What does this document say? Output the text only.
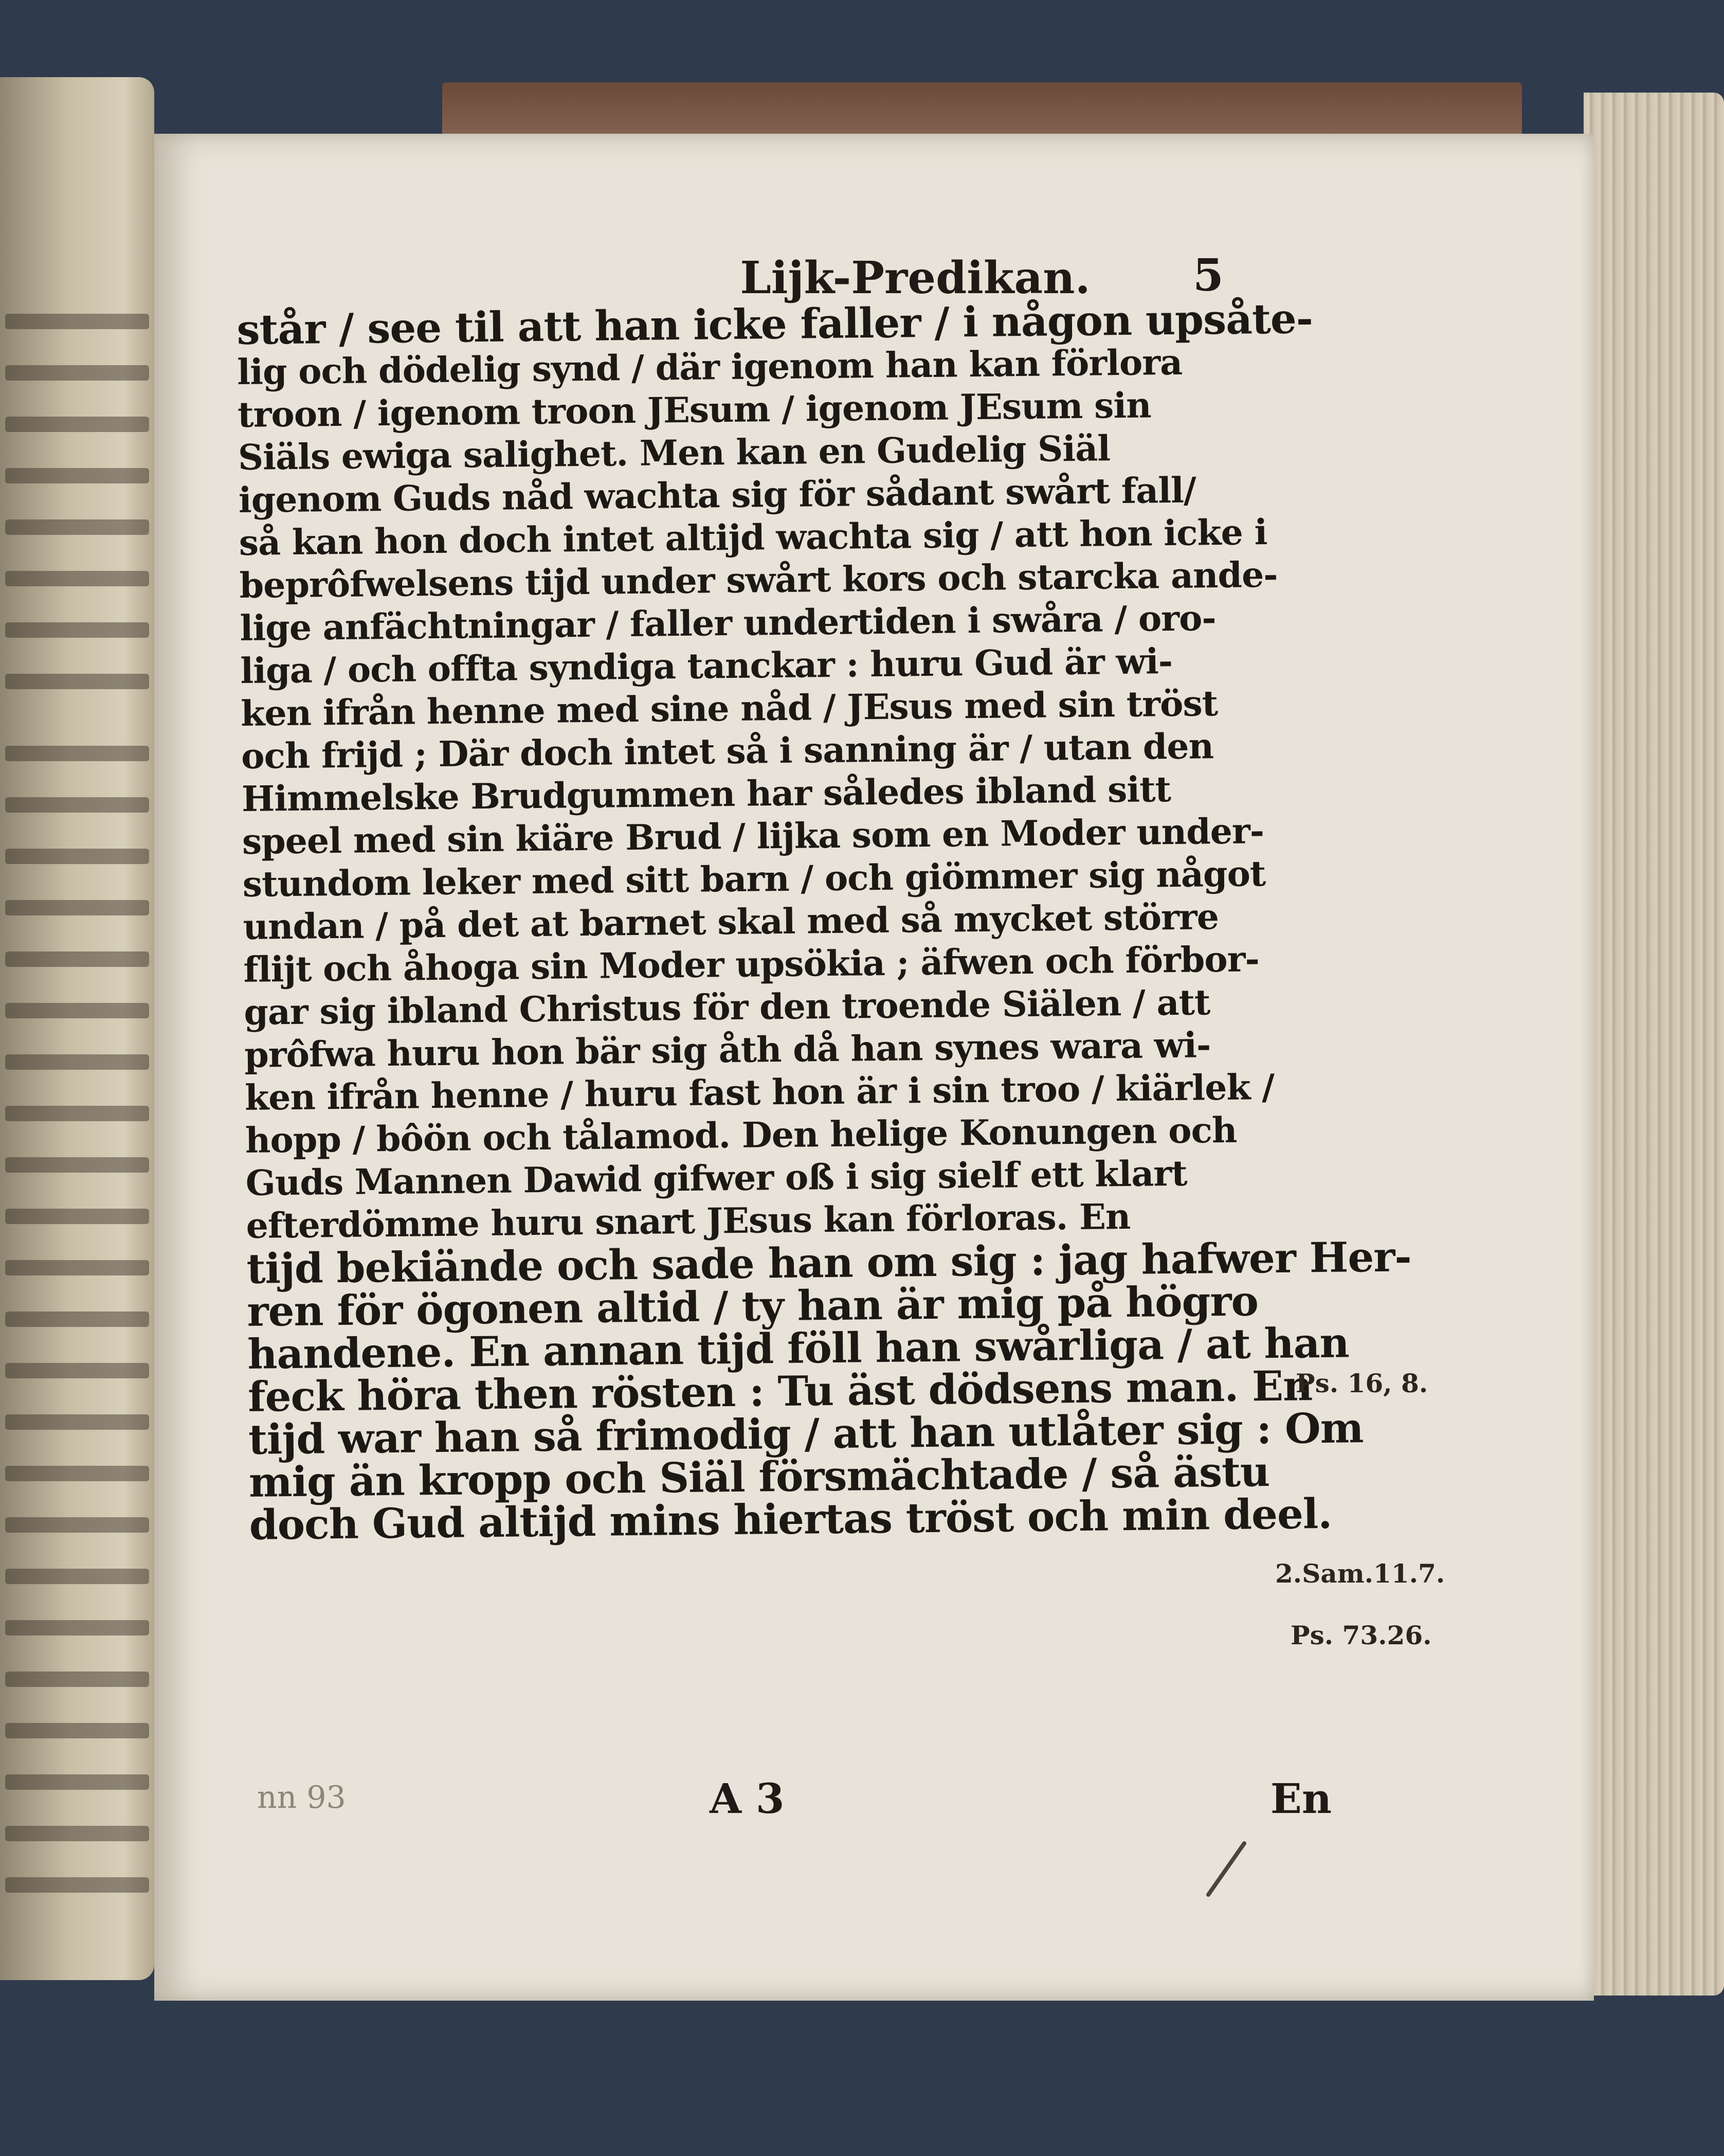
Lijk-Predikan. 5
står / see til att han icke faller / i någon upsåte-
lig och dödelig synd / där igenom han kan förlora
troon / igenom troon JEsum / igenom JEsum sin
Siäls ewiga salighet. Men kan en Gudelig Siäl
igenom Guds nåd wachta sig för sådant swårt fall/
så kan hon doch intet altijd wachta sig / att hon icke i
beprôfwelsens tijd under swårt kors och starcka ande-
lige anfächtningar / faller undertiden i swåra / oro-
liga / och offta syndiga tanckar : huru Gud är wi-
ken ifrån henne med sine nåd / JEsus med sin tröst
och frijd ; Där doch intet så i sanning är / utan den
Himmelske Brudgummen har således ibland sitt
speel med sin kiäre Brud / lijka som en Moder under-
stundom leker med sitt barn / och giömmer sig något
undan / på det at barnet skal med så mycket större
flijt och åhoga sin Moder upsökia ; äfwen och förbor-
gar sig ibland Christus för den troende Siälen / att
prôfwa huru hon bär sig åth då han synes wara wi-
ken ifrån henne / huru fast hon är i sin troo / kiärlek /
hopp / bôön och tålamod. Den helige Konungen och
Guds Mannen Dawid gifwer oß i sig sielf ett klart
efterdömme huru snart JEsus kan förloras. En
tijd bekiände och sade han om sig : jag hafwer Her-
ren för ögonen altid / ty han är mig på högro
handene. En annan tijd föll han swårliga / at han
feck höra then rösten : Tu äst dödsens man. En
tijd war han så frimodig / att han utlåter sig : Om
mig än kropp och Siäl försmächtade / så ästu
doch Gud altijd mins hiertas tröst och min deel.
nn 93	A 3	En
Ps. 16, 8.
2.Sam.11.7.
Ps. 73.26.
